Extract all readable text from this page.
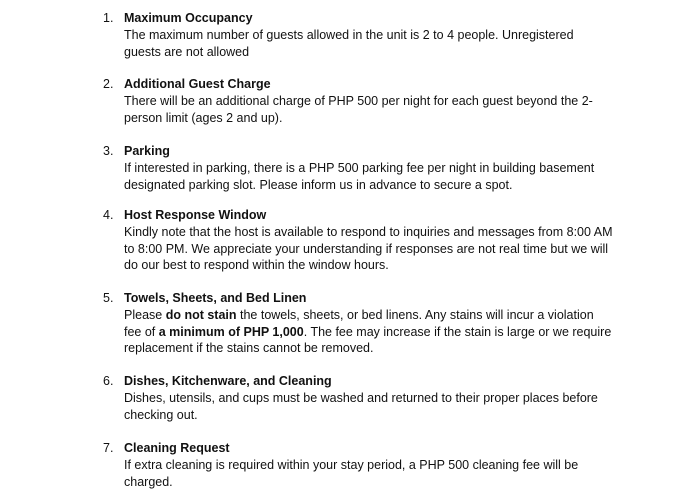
1. Maximum Occupancy
The maximum number of guests allowed in the unit is 2 to 4 people. Unregistered
guests are not allowed
2. Additional Guest Charge
There will be an additional charge of PHP 500 per night for each guest beyond the 2-
person limit (ages 2 and up).
3. Parking
If interested in parking, there is a PHP 500 parking fee per night in building basement
designated parking slot. Please inform us in advance to secure a spot.
4. Host Response Window
Kindly note that the host is available to respond to inquiries and messages from 8:00 AM
to 8:00 PM. We appreciate your understanding if responses are not real time but we will
do our best to respond within the window hours.
5. Towels, Sheets, and Bed Linen
Please do not stain the towels, sheets, or bed linens. Any stains will incur a violation
fee of a minimum of PHP 1,000. The fee may increase if the stain is large or we require
replacement if the stains cannot be removed.
6. Dishes, Kitchenware, and Cleaning
Dishes, utensils, and cups must be washed and returned to their proper places before
checking out.
7. Cleaning Request
If extra cleaning is required within your stay period, a PHP 500 cleaning fee will be
charged.
